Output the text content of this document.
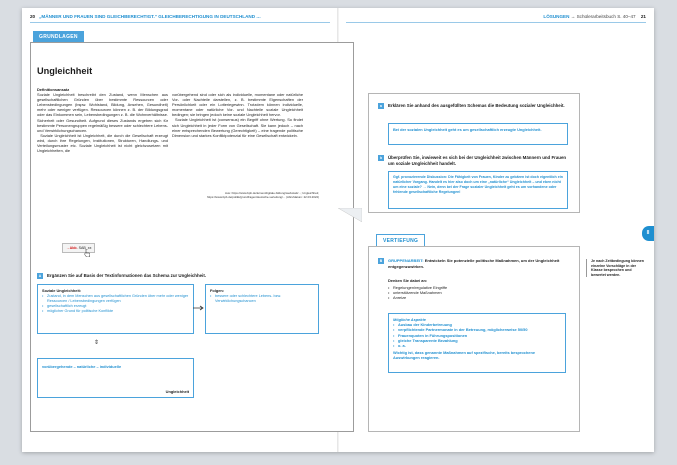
20 „MÄNNER UND FRAUEN SIND GLEICHBERECHTIGT.“ GLEICHBERECHTIGUNG IN DEUTSCHLAND …
GRUNDLAGEN
Ungleichheit
Definitionsansatz
Soziale Ungleichheit beschreibt den Zustand, wenn Menschen aus gesellschaftlichen Gründen über bestimmte Ressourcen oder Lebensbedingungen (bspw. Wohlstand, Bildung, Ansehen, Gesundheit) mehr oder weniger verfügen. Ressourcen können z. B. der Bildungsgrad oder das Einkommen sein, Lebensbedingungen z. B. die Wohnverhältnisse. Sicherheit oder Gesundheit. Aufgrund dieses Zustands ergeben sich für bestimmte Personengruppen regelmäßig bessere oder schlechtere Lebens- und Verwirklichungschancen.
Soziale Ungleichheit ist Ungleichheit, die durch die Gesellschaft erzeugt wird, durch ihre Regelungen, Institutionen, Strukturen, Handlungs- und Verteilungsmuster etc. Soziale Ungleichheit ist nicht gleichzusetzen mit Ungleichheiten, die
vorübergehend sind oder sich als individuelle, momentane oder natürliche Vor- oder Nachteile darstellen, z. B. bestimmte Eigenschaften der Persönlichkeit oder ein Lotteriegewinn. Trotzdem können individuelle, momentane oder natürliche Vor- und Nachteile soziale Ungleichheit bedingen; sie bringen jedoch keine soziale Ungleichheit hervor.
Soziale Ungleichheit ist (consensus) ein Begriff ohne Wertung. So findet sich Ungleichheit in jeder Form von Gesellschaft. Sie kann jedoch – nach einer entsprechenden Bewertung (Gerechtigkeit) – eine tragende politische Dimension und starkes Konfliktpotenzial für eine Gesellschaft entwickeln.
Aus: https://www.bpb.de/lernen/digitale-bildung/werkstatt/...; Ungleichheit; https://www.bpb.de/politik/grundfragen/deutsche-verteilung/... (Abrufdatum: 22.03.2024)
→Abb. SAB_xx
A	Ergänzen Sie auf Basis der Textinformationen das Schema zur Ungleichheit.
Soziale Ungleichheit:
• Zustand, in dem Menschen aus gesellschaftlichen Gründen über mehr oder weniger Ressourcen / Lebensbedingungen verfügen
• gesellschaftlich erzeugt
• möglicher Grund für politische Konflikte
Folgen:
• bessere oder schlechtere Lebens- bzw. Verwirklichungschancen
⇕
vorübergehende – natürliche – individuelle
Ungleichheit
LÖSUNGEN → Schülerarbeitsbuch S. 40–47 21
a	Erklären Sie anhand des ausgefüllten Schemas die Bedeutung sozialer Ungleichheit.
Bei der sozialen Ungleichheit geht es um gesellschaftlich erzeugte Ungleichheit.
b	Überprüfen Sie, inwieweit es sich bei der Ungleichheit zwischen Männern und Frauen um soziale Ungleichheit handelt.
Ggf. provozierende Diskussion: Die Fähigkeit von Frauen, Kinder zu gebären ist doch eigentlich ein natürlicher Vorgang. Handelt es hier also doch um eine „natürliche“ Ungleichheit – und eben nicht um eine soziale? → Nein, denn bei der Frage sozialer Ungleichheit geht es um vorhandene oder fehlende gesellschaftliche Regelungen!
VERTIEFUNG
B	GRUPPENARBEIT: Entwickeln Sie potenzielle politische Maßnahmen, um der Ungleichheit entgegenzuwirken.
Denken Sie dabei an:
• Regelungen/regulative Eingriffe
• unterstützende Maßnahmen
• Anreize
Mögliche Aspekte
• Ausbau der Kinderbetreuung
• verpflichtende Partnermonate in der Betreuung, möglicherweise 50/50
• Frauenquoten in Führungspositionen
• gleiche Transparente Bezahlung
• o. a.
Wichtig ist, dass genannte Maßnahmen auf spezifische, bereits besprochene Auswirkungen reagieren.
II
Je nach Zeitbedingung können einzelne Vorschläge in der Klasse besprochen und bewertet werden.
